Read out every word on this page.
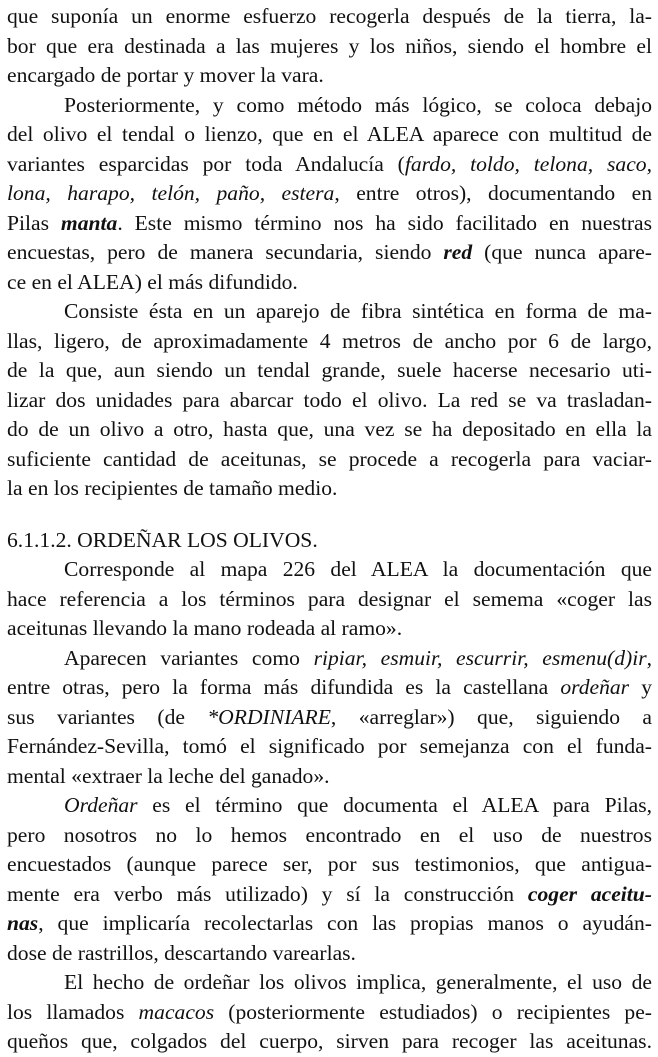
que suponía un enorme esfuerzo recogerla después de la tierra, la-
bor que era destinada a las mujeres y los niños, siendo el hombre el
encargado de portar y mover la vara.
Posteriormente, y como método más lógico, se coloca debajo
del olivo el tendal o lienzo, que en el ALEA aparece con multitud de
variantes esparcidas por toda Andalucía (fardo, toldo, telona, saco,
lona, harapo, telón, paño, estera, entre otros), documentando en
Pilas manta. Este mismo término nos ha sido facilitado en nuestras
encuestas, pero de manera secundaria, siendo red (que nunca apare-
ce en el ALEA) el más difundido.
Consiste ésta en un aparejo de fibra sintética en forma de ma-
llas, ligero, de aproximadamente 4 metros de ancho por 6 de largo,
de la que, aun siendo un tendal grande, suele hacerse necesario uti-
lizar dos unidades para abarcar todo el olivo. La red se va trasladan-
do de un olivo a otro, hasta que, una vez se ha depositado en ella la
suficiente cantidad de aceitunas, se procede a recogerla para vaciar-
la en los recipientes de tamaño medio.
6.1.1.2. ORDEÑAR LOS OLIVOS.
Corresponde al mapa 226 del ALEA la documentación que
hace referencia a los términos para designar el semema «coger las
aceitunas llevando la mano rodeada al ramo».
Aparecen variantes como ripiar, esmuir, escurrir, esmenu(d)ir,
entre otras, pero la forma más difundida es la castellana ordeñar y
sus variantes (de *ORDINIARE, «arreglar») que, siguiendo a
Fernández-Sevilla, tomó el significado por semejanza con el funda-
mental «extraer la leche del ganado».
Ordeñar es el término que documenta el ALEA para Pilas,
pero nosotros no lo hemos encontrado en el uso de nuestros
encuestados (aunque parece ser, por sus testimonios, que antigua-
mente era verbo más utilizado) y sí la construcción coger aceitu-
nas, que implicaría recolectarlas con las propias manos o ayudán-
dose de rastrillos, descartando varearlas.
El hecho de ordeñar los olivos implica, generalmente, el uso de
los llamados macacos (posteriormente estudiados) o recipientes pe-
queños que, colgados del cuerpo, sirven para recoger las aceitunas.
